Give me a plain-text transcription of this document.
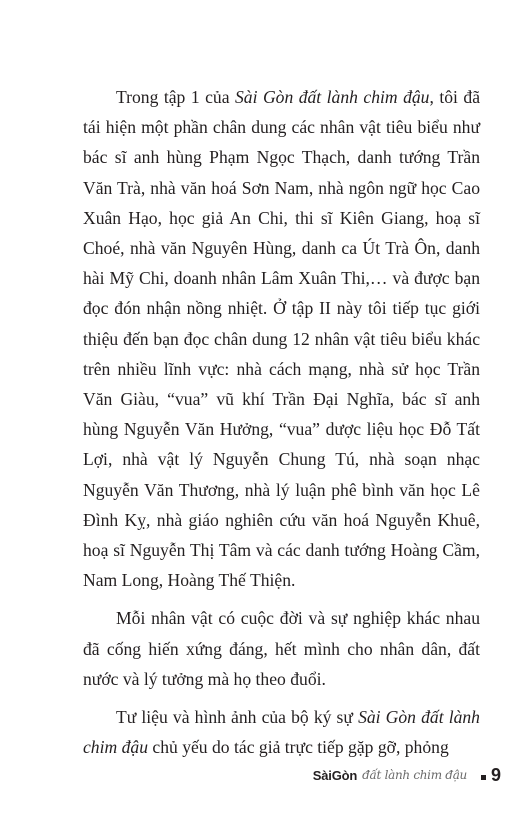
Trong tập 1 của Sài Gòn đất lành chim đậu, tôi đã tái hiện một phần chân dung các nhân vật tiêu biểu như bác sĩ anh hùng Phạm Ngọc Thạch, danh tướng Trần Văn Trà, nhà văn hoá Sơn Nam, nhà ngôn ngữ học Cao Xuân Hạo, học giả An Chi, thi sĩ Kiên Giang, hoạ sĩ Choé, nhà văn Nguyên Hùng, danh ca Út Trà Ôn, danh hài Mỹ Chi, doanh nhân Lâm Xuân Thi,… và được bạn đọc đón nhận nồng nhiệt. Ở tập II này tôi tiếp tục giới thiệu đến bạn đọc chân dung 12 nhân vật tiêu biểu khác trên nhiều lĩnh vực: nhà cách mạng, nhà sử học Trần Văn Giàu, “vua” vũ khí Trần Đại Nghĩa, bác sĩ anh hùng Nguyễn Văn Hưởng, “vua” dược liệu học Đỗ Tất Lợi, nhà vật lý Nguyễn Chung Tú, nhà soạn nhạc Nguyễn Văn Thương, nhà lý luận phê bình văn học Lê Đình Kỵ, nhà giáo nghiên cứu văn hoá Nguyễn Khuê, hoạ sĩ Nguyễn Thị Tâm và các danh tướng Hoàng Cầm, Nam Long, Hoàng Thế Thiện.

Mỗi nhân vật có cuộc đời và sự nghiệp khác nhau đã cống hiến xứng đáng, hết mình cho nhân dân, đất nước và lý tưởng mà họ theo đuổi.

Tư liệu và hình ảnh của bộ ký sự Sài Gòn đất lành chim đậu chủ yếu do tác giả trực tiếp gặp gỡ, phỏng

SàiGòn đất lành chim đậu 9
